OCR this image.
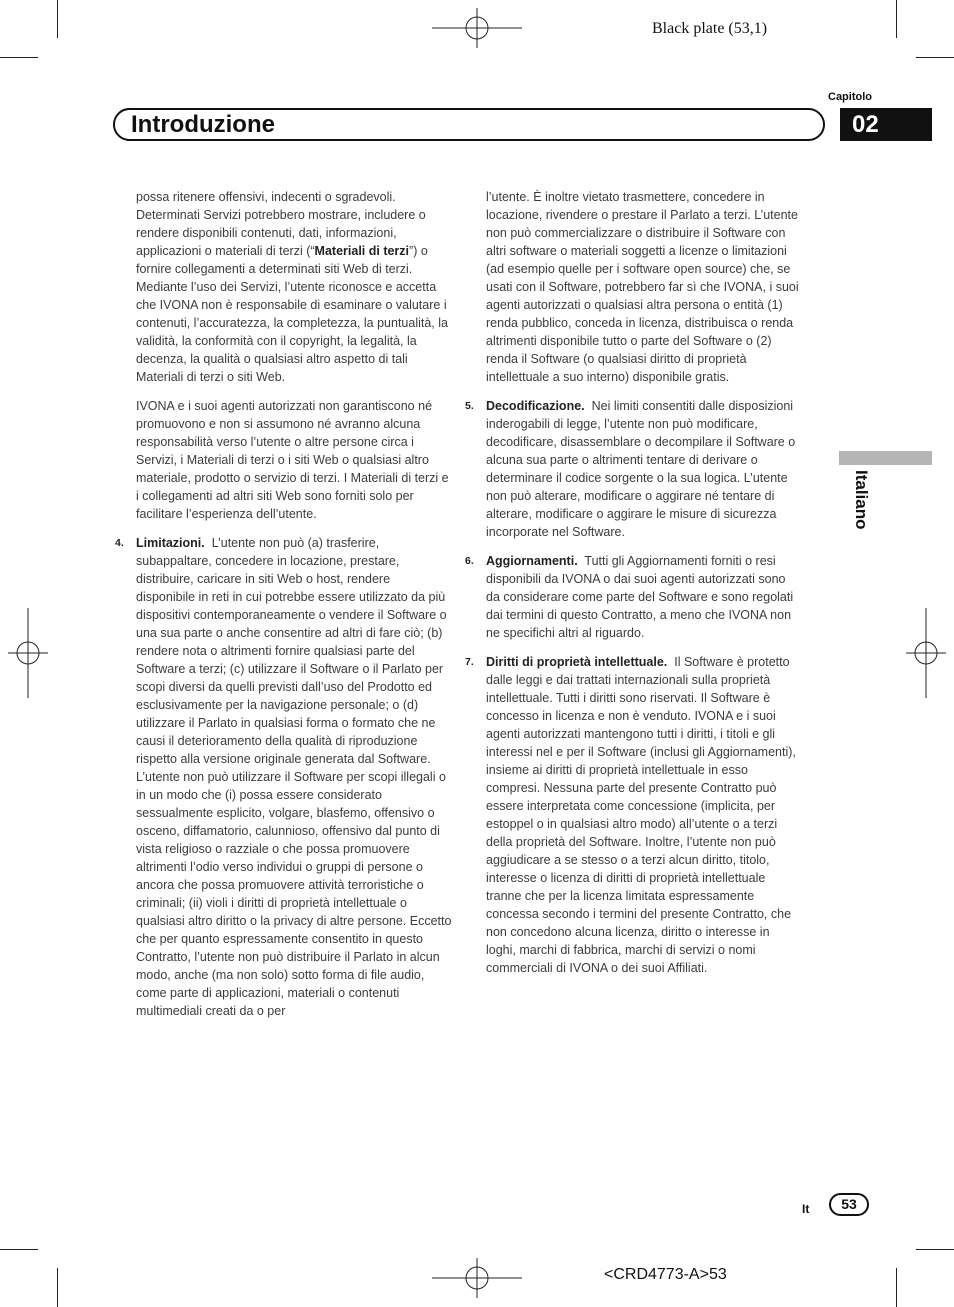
Black plate (53,1)
Capitolo
Introduzione	02

possa ritenere offensivi, indecenti o sgradevoli. Determinati Servizi potrebbero mostrare, includere o rendere disponibili contenuti, dati, informazioni, applicazioni o materiali di terzi (“Materiali di terzi”) o fornire collegamenti a determinati siti Web di terzi. Mediante l’uso dei Servizi, l’utente riconosce e accetta che IVONA non è responsabile di esaminare o valutare i contenuti, l’accuratezza, la completezza, la puntualità, la validità, la conformità con il copyright, la legalità, la decenza, la qualità o qualsiasi altro aspetto di tali Materiali di terzi o siti Web.

IVONA e i suoi agenti autorizzati non garantiscono né promuovono e non si assumono né avranno alcuna responsabilità verso l’utente o altre persone circa i Servizi, i Materiali di terzi o i siti Web o qualsiasi altro materiale, prodotto o servizio di terzi. I Materiali di terzi e i collegamenti ad altri siti Web sono forniti solo per facilitare l’esperienza dell’utente.

4. Limitazioni. L’utente non può (a) trasferire, subappaltare, concedere in locazione, prestare, distribuire, caricare in siti Web o host, rendere disponibile in reti in cui potrebbe essere utilizzato da più dispositivi contemporaneamente o vendere il Software o una sua parte o anche consentire ad altri di fare ciò; (b) rendere nota o altrimenti fornire qualsiasi parte del Software a terzi; (c) utilizzare il Software o il Parlato per scopi diversi da quelli previsti dall’uso del Prodotto ed esclusivamente per la navigazione personale; o (d) utilizzare il Parlato in qualsiasi forma o formato che ne causi il deterioramento della qualità di riproduzione rispetto alla versione originale generata dal Software. L’utente non può utilizzare il Software per scopi illegali o in un modo che (i) possa essere considerato sessualmente esplicito, volgare, blasfemo, offensivo o osceno, diffamatorio, calunnioso, offensivo dal punto di vista religioso o razziale o che possa promuovere altrimenti l’odio verso individui o gruppi di persone o ancora che possa promuovere attività terroristiche o criminali; (ii) violi i diritti di proprietà intellettuale o qualsiasi altro diritto o la privacy di altre persone. Eccetto che per quanto espressamente consentito in questo Contratto, l’utente non può distribuire il Parlato in alcun modo, anche (ma non solo) sotto forma di file audio, come parte di applicazioni, materiali o contenuti multimediali creati da o per

l’utente. È inoltre vietato trasmettere, concedere in locazione, rivendere o prestare il Parlato a terzi. L’utente non può commercializzare o distribuire il Software con altri software o materiali soggetti a licenze o limitazioni (ad esempio quelle per i software open source) che, se usati con il Software, potrebbero far sì che IVONA, i suoi agenti autorizzati o qualsiasi altra persona o entità (1) renda pubblico, conceda in licenza, distribuisca o renda altrimenti disponibile tutto o parte del Software o (2) renda il Software (o qualsiasi diritto di proprietà intellettuale a suo interno) disponibile gratis.

5. Decodificazione. Nei limiti consentiti dalle disposizioni inderogabili di legge, l’utente non può modificare, decodificare, disassemblare o decompilare il Software o alcuna sua parte o altrimenti tentare di derivare o determinare il codice sorgente o la sua logica. L’utente non può alterare, modificare o aggirare né tentare di alterare, modificare o aggirare le misure di sicurezza incorporate nel Software.
6. Aggiornamenti. Tutti gli Aggiornamenti forniti o resi disponibili da IVONA o dai suoi agenti autorizzati sono da considerare come parte del Software e sono regolati dai termini di questo Contratto, a meno che IVONA non ne specifichi altri al riguardo.
7. Diritti di proprietà intellettuale. Il Software è protetto dalle leggi e dai trattati internazionali sulla proprietà intellettuale. Tutti i diritti sono riservati. Il Software è concesso in licenza e non è venduto. IVONA e i suoi agenti autorizzati mantengono tutti i diritti, i titoli e gli interessi nel e per il Software (inclusi gli Aggiornamenti), insieme ai diritti di proprietà intellettuale in esso compresi. Nessuna parte del presente Contratto può essere interpretata come concessione (implicita, per estoppel o in qualsiasi altro modo) all’utente o a terzi della proprietà del Software. Inoltre, l’utente non può aggiudicare a se stesso o a terzi alcun diritto, titolo, interesse o licenza di diritti di proprietà intellettuale tranne che per la licenza limitata espressamente concessa secondo i termini del presente Contratto, che non concedono alcuna licenza, diritto o interesse in loghi, marchi di fabbrica, marchi di servizi o nomi commerciali di IVONA o dei suoi Affiliati.
Italiano
It	53
<CRD4773-A>53
